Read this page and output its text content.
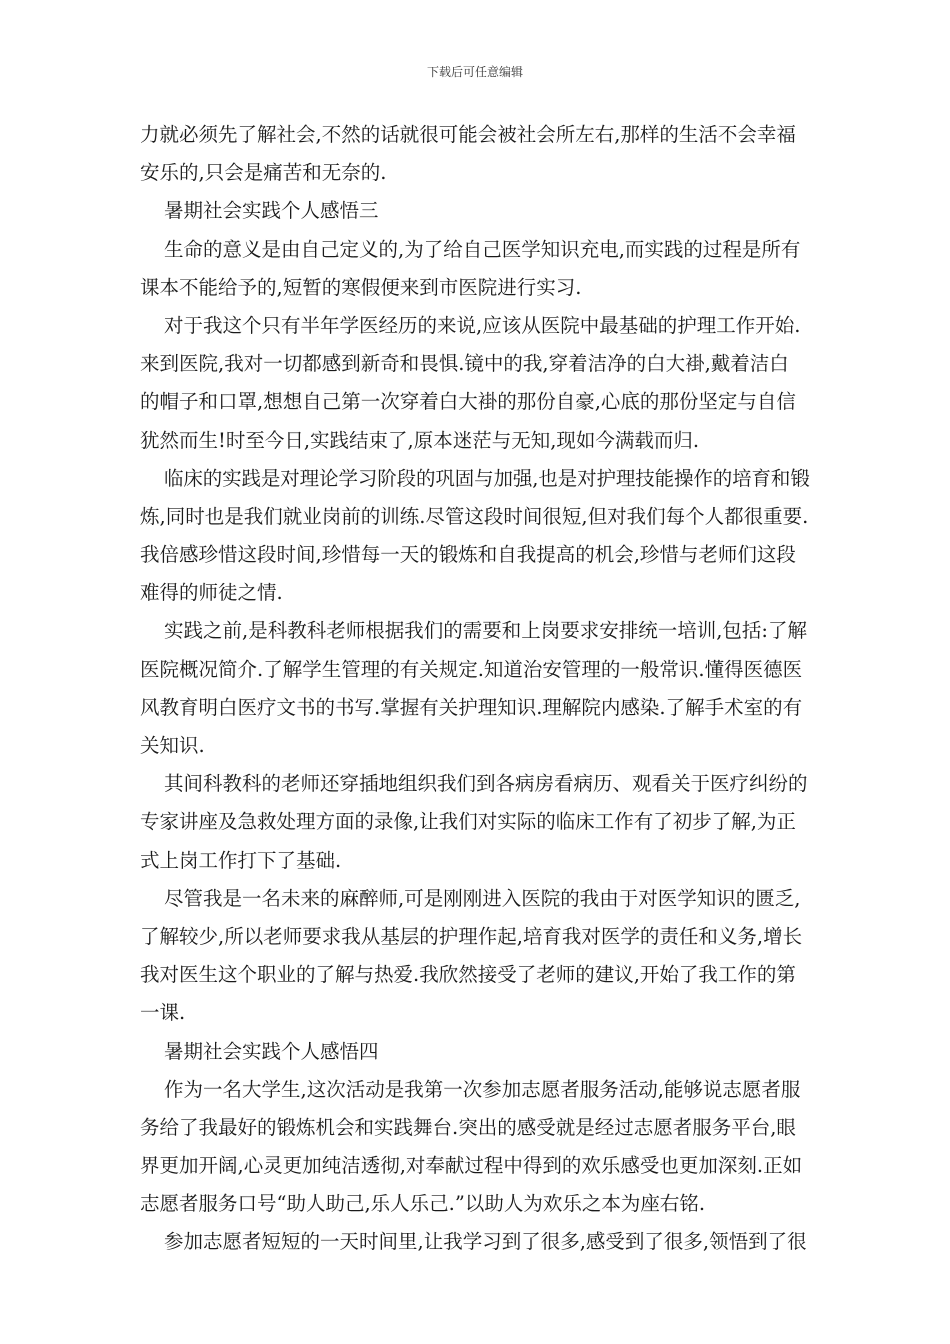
下载后可任意编辑
力就必须先了解社会,不然的话就很可能会被社会所左右,那样的生活不会幸福
安乐的,只会是痛苦和无奈的.
暑期社会实践个人感悟三
生命的意义是由自己定义的,为了给自己医学知识充电,而实践的过程是所有
课本不能给予的,短暂的寒假便来到市医院进行实习.
对于我这个只有半年学医经历的来说,应该从医院中最基础的护理工作开始.
来到医院,我对一切都感到新奇和畏惧.镜中的我,穿着洁净的白大褂,戴着洁白
的帽子和口罩,想想自己第一次穿着白大褂的那份自豪,心底的那份坚定与自信
犹然而生!时至今日,实践结束了,原本迷茫与无知,现如今满载而归.
临床的实践是对理论学习阶段的巩固与加强,也是对护理技能操作的培育和锻
炼,同时也是我们就业岗前的训练.尽管这段时间很短,但对我们每个人都很重要.
我倍感珍惜这段时间,珍惜每一天的锻炼和自我提高的机会,珍惜与老师们这段
难得的师徒之情.
实践之前,是科教科老师根据我们的需要和上岗要求安排统一培训,包括:了解
医院概况简介.了解学生管理的有关规定.知道治安管理的一般常识.懂得医德医
风教育明白医疗文书的书写.掌握有关护理知识.理解院内感染.了解手术室的有
关知识.
其间科教科的老师还穿插地组织我们到各病房看病历、观看关于医疗纠纷的
专家讲座及急救处理方面的录像,让我们对实际的临床工作有了初步了解,为正
式上岗工作打下了基础.
尽管我是一名未来的麻醉师,可是刚刚进入医院的我由于对医学知识的匮乏,
了解较少,所以老师要求我从基层的护理作起,培育我对医学的责任和义务,增长
我对医生这个职业的了解与热爱.我欣然接受了老师的建议,开始了我工作的第
一课.
暑期社会实践个人感悟四
作为一名大学生,这次活动是我第一次参加志愿者服务活动,能够说志愿者服
务给了我最好的锻炼机会和实践舞台.突出的感受就是经过志愿者服务平台,眼
界更加开阔,心灵更加纯洁透彻,对奉献过程中得到的欢乐感受也更加深刻.正如
志愿者服务口号“助人助己,乐人乐己.”以助人为欢乐之本为座右铭.
参加志愿者短短的一天时间里,让我学习到了很多,感受到了很多,领悟到了很
